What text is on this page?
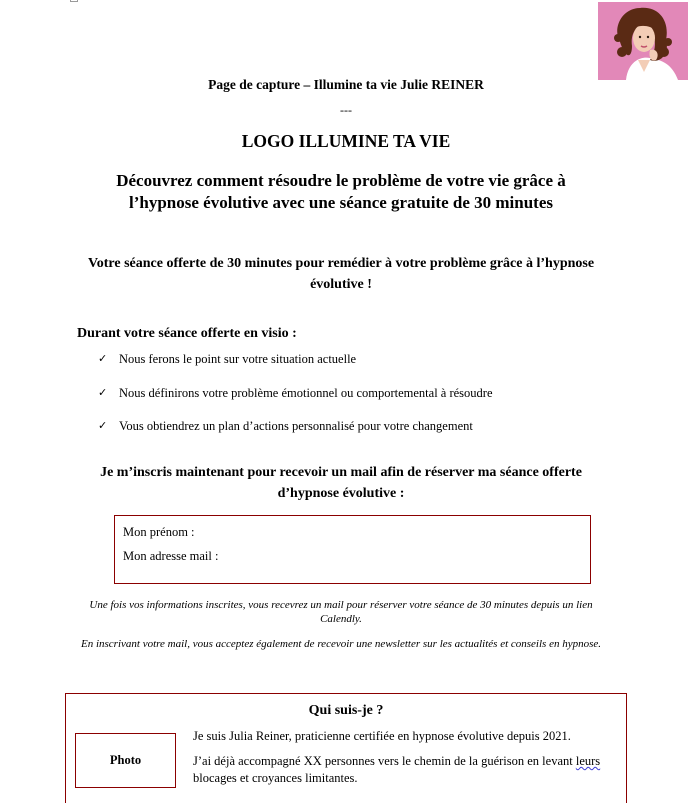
Page de capture – Illumine ta vie Julie REINER
---
LOGO ILLUMINE TA VIE
Découvrez comment résoudre le problème de votre vie grâce à l’hypnose évolutive avec une séance gratuite de 30 minutes
Votre séance offerte de 30 minutes pour remédier à votre problème grâce à l’hypnose évolutive !
Durant votre séance offerte en visio :
✓ Nous ferons le point sur votre situation actuelle
✓ Nous définirons votre problème émotionnel ou comportemental à résoudre
✓ Vous obtiendrez un plan d’actions personnalisé pour votre changement
Je m’inscris maintenant pour recevoir un mail afin de réserver ma séance offerte d’hypnose évolutive :
Mon prénom :
Mon adresse mail :
Une fois vos informations inscrites, vous recevrez un mail pour réserver votre séance de 30 minutes depuis un lien Calendly.
En inscrivant votre mail, vous acceptez également de recevoir une newsletter sur les actualités et conseils en hypnose.
Qui suis-je ?
Photo
Je suis Julia Reiner, praticienne certifiée en hypnose évolutive depuis 2021.
J’ai déjà accompagné XX personnes vers le chemin de la guérison en levant leurs blocages et croyances limitantes.
